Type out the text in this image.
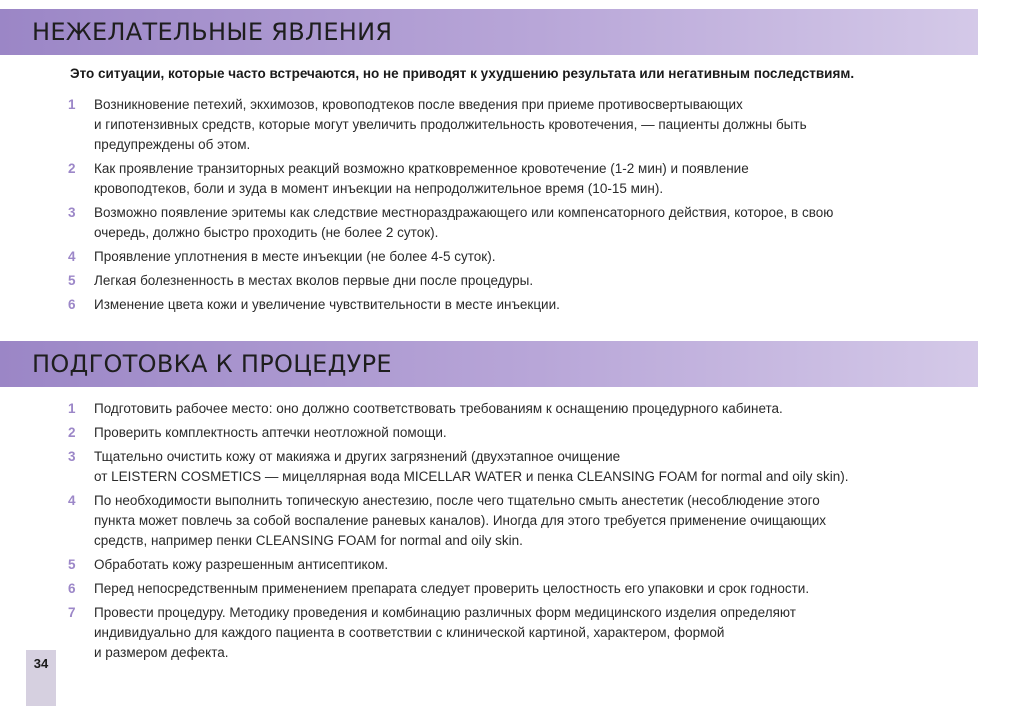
НЕЖЕЛАТЕЛЬНЫЕ ЯВЛЕНИЯ

Это ситуации, которые часто встречаются, но не приводят к ухудшению результата или негативным последствиям.

1	Возникновение петехий, экхимозов, кровоподтеков после введения при приеме противосвертывающих
и гипотензивных средств, которые могут увеличить продолжительность кровотечения, — пациенты должны быть
предупреждены об этом.
2	Как проявление транзиторных реакций возможно кратковременное кровотечение (1-2 мин) и появление
кровоподтеков, боли и зуда в момент инъекции на непродолжительное время (10-15 мин).
3	Возможно появление эритемы как следствие местнораздражающего или компенсаторного действия, которое, в свою
очередь, должно быстро проходить (не более 2 суток).
4	Проявление уплотнения в месте инъекции (не более 4-5 суток).
5	Легкая болезненность в местах вколов первые дни после процедуры.
6	Изменение цвета кожи и увеличение чувствительности в месте инъекции.
ПОДГОТОВКА К ПРОЦЕДУРЕ
1	Подготовить рабочее место: оно должно соответствовать требованиям к оснащению процедурного кабинета.
2	Проверить комплектность аптечки неотложной помощи.
3	Тщательно очистить кожу от макияжа и других загрязнений (двухэтапное очищение
от LEISTERN COSMETICS — мицеллярная вода MICELLAR WATER и пенка CLEANSING FOAM for normal and oily skin).
4	По необходимости выполнить топическую анестезию, после чего тщательно смыть анестетик (несоблюдение этого
пункта может повлечь за собой воспаление раневых каналов). Иногда для этого требуется применение очищающих
средств, например пенки CLEANSING FOAM for normal and oily skin.
5	Обработать кожу разрешенным антисептиком.
6	Перед непосредственным применением препарата следует проверить целостность его упаковки и срок годности.
7	Провести процедуру. Методику проведения и комбинацию различных форм медицинского изделия определяют
индивидуально для каждого пациента в соответствии с клинической картиной, характером, формой
и размером дефекта.
34
